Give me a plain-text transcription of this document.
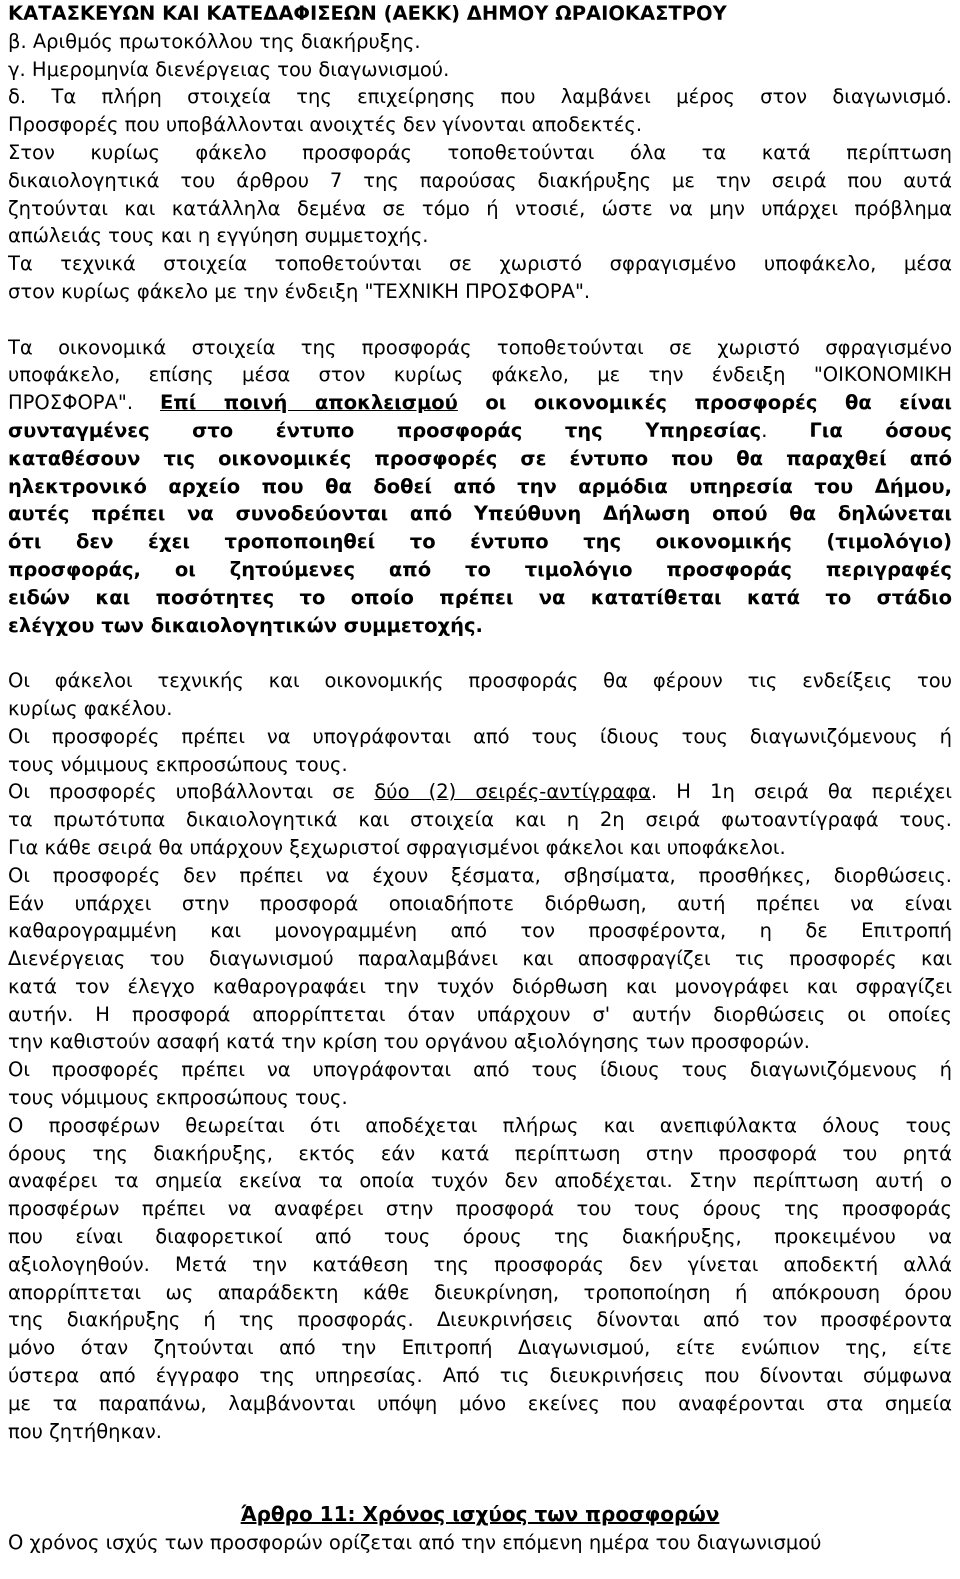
ΚΑΤΑΣΚΕΥΩΝ ΚΑΙ ΚΑΤΕΔΑΦΙΣΕΩΝ (ΑΕΚΚ) ΔΗΜΟΥ ΩΡΑΙΟΚΑΣΤΡΟΥ

β. Αριθμός πρωτοκόλλου της διακήρυξης.

γ. Ημερομηνία διενέργειας του διαγωνισμού.

δ. Τα πλήρη στοιχεία της επιχείρησης που λαμβάνει μέρος στον διαγωνισμό.

Προσφορές που υποβάλλονται ανοιχτές δεν γίνονται αποδεκτές.

Στον κυρίως φάκελο προσφοράς τοποθετούνται όλα τα κατά περίπτωση

δικαιολογητικά του άρθρου 7 της παρούσας διακήρυξης με την σειρά που αυτά

ζητούνται και κατάλληλα δεμένα σε τόμο ή ντοσιέ, ώστε να μην υπάρχει πρόβλημα

απώλειάς τους και η εγγύηση συμμετοχής.

Τα τεχνικά στοιχεία τοποθετούνται σε χωριστό σφραγισμένο υποφάκελο, μέσα

στον κυρίως φάκελο με την ένδειξη "ΤΕΧΝΙΚΗ ΠΡΟΣΦΟΡΑ".

Τα οικονομικά στοιχεία της προσφοράς τοποθετούνται σε χωριστό σφραγισμένο

υποφάκελο, επίσης μέσα στον κυρίως φάκελο, με την ένδειξη "ΟΙΚΟΝΟΜΙΚΗ

ΠΡΟΣΦΟΡΑ". Επί ποινή αποκλεισμού οι οικονομικές προσφορές θα είναι

συνταγμένες στο έντυπο προσφοράς της Υπηρεσίας. Για όσους

καταθέσουν τις οικονομικές προσφορές σε έντυπο που θα παραχθεί από

ηλεκτρονικό αρχείο που θα δοθεί από την αρμόδια υπηρεσία του Δήμου,

αυτές πρέπει να συνοδεύονται από Υπεύθυνη Δήλωση οπού θα δηλώνεται

ότι δεν έχει τροποποιηθεί το έντυπο της οικονομικής (τιμολόγιο)

προσφοράς, οι ζητούμενες από το τιμολόγιο προσφοράς περιγραφές

ειδών και ποσότητες το οποίο πρέπει να κατατίθεται κατά το στάδιο

ελέγχου των δικαιολογητικών συμμετοχής.

Οι φάκελοι τεχνικής και οικονομικής προσφοράς θα φέρουν τις ενδείξεις του

κυρίως φακέλου.

Οι προσφορές πρέπει να υπογράφονται από τους ίδιους τους διαγωνιζόμενους ή

τους νόμιμους εκπροσώπους τους.

Οι προσφορές υποβάλλονται σε δύο (2) σειρές-αντίγραφα. Η 1η σειρά θα περιέχει

τα πρωτότυπα δικαιολογητικά και στοιχεία και η 2η σειρά φωτοαντίγραφά τους.

Για κάθε σειρά θα υπάρχουν ξεχωριστοί σφραγισμένοι φάκελοι και υποφάκελοι.

Οι προσφορές δεν πρέπει να έχουν ξέσματα, σβησίματα, προσθήκες, διορθώσεις.

Εάν υπάρχει στην προσφορά οποιαδήποτε διόρθωση, αυτή πρέπει να είναι

καθαρογραμμένη και μονογραμμένη από τον προσφέροντα, η δε Επιτροπή

Διενέργειας του διαγωνισμού παραλαμβάνει και αποσφραγίζει τις προσφορές και

κατά τον έλεγχο καθαρογραφάει την τυχόν διόρθωση και μονογράφει και σφραγίζει

αυτήν. Η προσφορά απορρίπτεται όταν υπάρχουν σ' αυτήν διορθώσεις οι οποίες

την καθιστούν ασαφή κατά την κρίση του οργάνου αξιολόγησης των προσφορών.

Οι προσφορές πρέπει να υπογράφονται από τους ίδιους τους διαγωνιζόμενους ή

τους νόμιμους εκπροσώπους τους.

Ο προσφέρων θεωρείται ότι αποδέχεται πλήρως και ανεπιφύλακτα όλους τους

όρους της διακήρυξης, εκτός εάν κατά περίπτωση στην προσφορά του ρητά

αναφέρει τα σημεία εκείνα τα οποία τυχόν δεν αποδέχεται. Στην περίπτωση αυτή ο

προσφέρων πρέπει να αναφέρει στην προσφορά του τους όρους της προσφοράς

που είναι διαφορετικοί από τους όρους της διακήρυξης, προκειμένου να

αξιολογηθούν. Μετά την κατάθεση της προσφοράς δεν γίνεται αποδεκτή αλλά

απορρίπτεται ως απαράδεκτη κάθε διευκρίνηση, τροποποίηση ή απόκρουση όρου

της διακήρυξης ή της προσφοράς. Διευκρινήσεις δίνονται από τον προσφέροντα

μόνο όταν ζητούνται από την Επιτροπή Διαγωνισμού, είτε ενώπιον της, είτε

ύστερα από έγγραφο της υπηρεσίας. Από τις διευκρινήσεις που δίνονται σύμφωνα

με τα παραπάνω, λαμβάνονται υπόψη μόνο εκείνες που αναφέρονται στα σημεία

που ζητήθηκαν.

Άρθρο 11: Χρόνος ισχύος των προσφορών

Ο χρόνος ισχύς των προσφορών ορίζεται από την επόμενη ημέρα του διαγωνισμού
